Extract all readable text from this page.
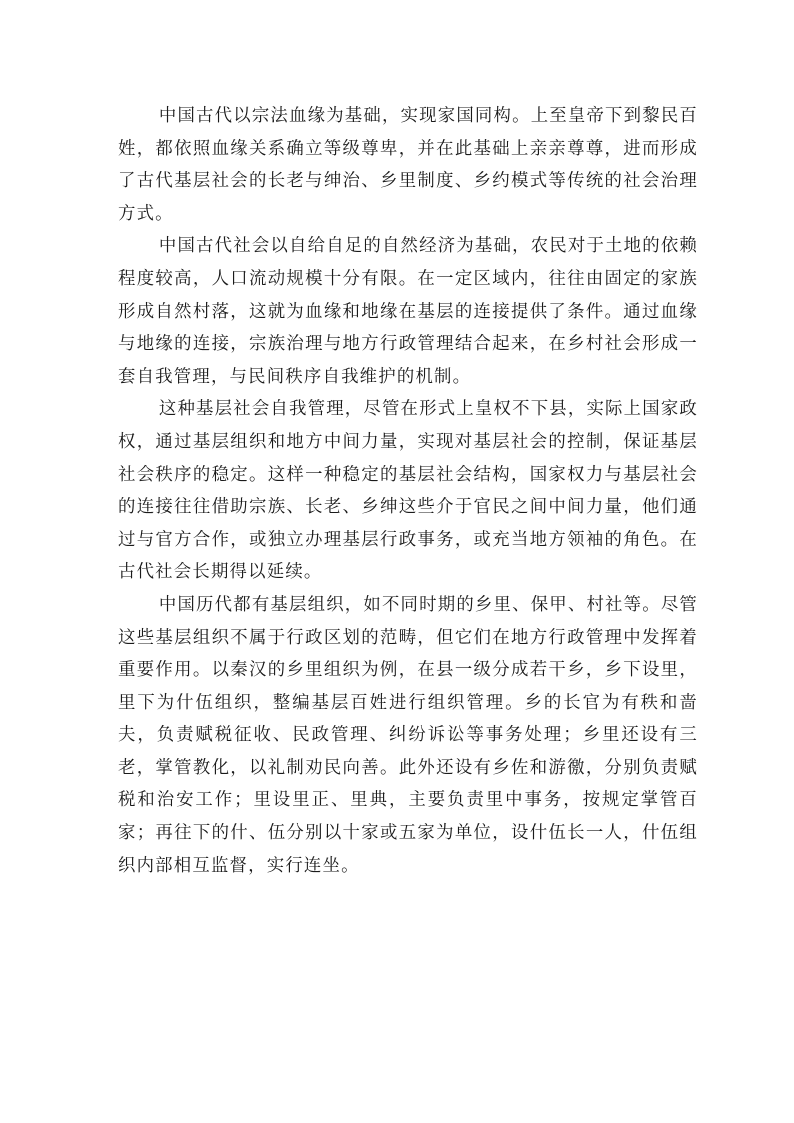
中国古代以宗法血缘为基础，实现家国同构。上至皇帝下到黎民百姓，都依照血缘关系确立等级尊卑，并在此基础上亲亲尊尊，进而形成了古代基层社会的长老与绅治、乡里制度、乡约模式等传统的社会治理方式。

中国古代社会以自给自足的自然经济为基础，农民对于土地的依赖程度较高，人口流动规模十分有限。在一定区域内，往往由固定的家族形成自然村落，这就为血缘和地缘在基层的连接提供了条件。通过血缘与地缘的连接，宗族治理与地方行政管理结合起来，在乡村社会形成一套自我管理，与民间秩序自我维护的机制。

这种基层社会自我管理，尽管在形式上皇权不下县，实际上国家政权，通过基层组织和地方中间力量，实现对基层社会的控制，保证基层社会秩序的稳定。这样一种稳定的基层社会结构，国家权力与基层社会的连接往往借助宗族、长老、乡绅这些介于官民之间中间力量，他们通过与官方合作，或独立办理基层行政事务，或充当地方领袖的角色。在古代社会长期得以延续。

中国历代都有基层组织，如不同时期的乡里、保甲、村社等。尽管这些基层组织不属于行政区划的范畴，但它们在地方行政管理中发挥着重要作用。以秦汉的乡里组织为例，在县一级分成若干乡，乡下设里，里下为什伍组织，整编基层百姓进行组织管理。乡的长官为有秩和啬夫，负责赋税征收、民政管理、纠纷诉讼等事务处理；乡里还设有三老，掌管教化，以礼制劝民向善。此外还设有乡佐和游徼，分别负责赋税和治安工作；里设里正、里典，主要负责里中事务，按规定掌管百家；再往下的什、伍分别以十家或五家为单位，设什伍长一人，什伍组织内部相互监督，实行连坐。
